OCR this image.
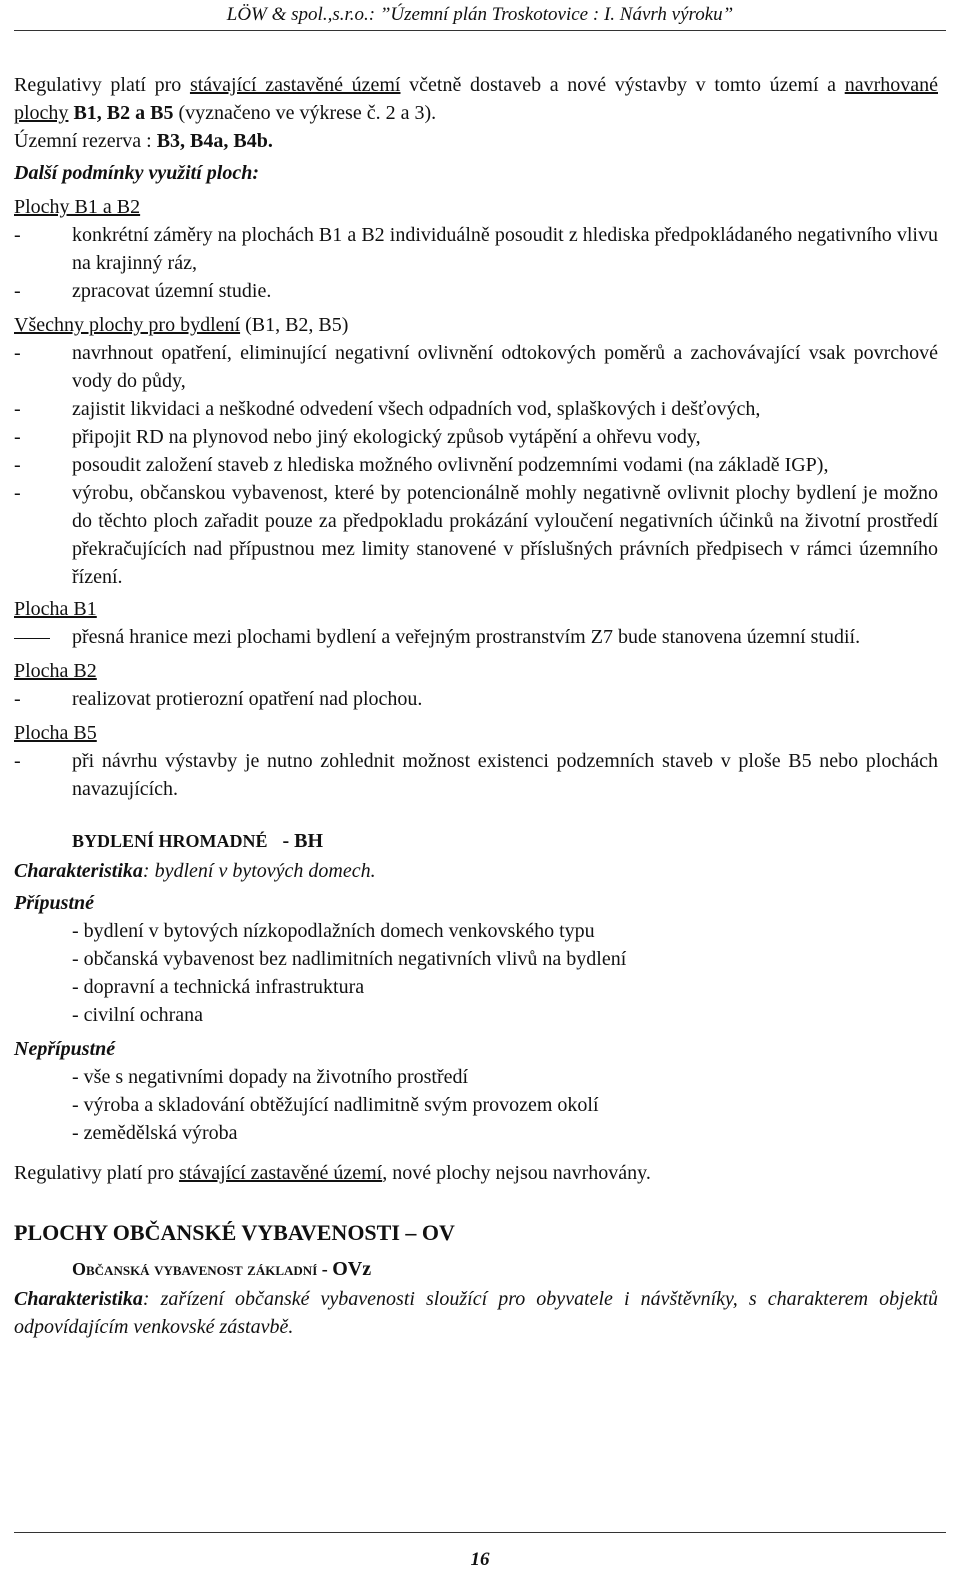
LÖW & spol.,s.r.o.: ”Územní plán Troskotovice : I. Návrh výroku”

Regulativy platí pro stávající zastavěné území včetně dostaveb a nové výstavby v tomto území a navrhované plochy B1, B2 a B5 (vyznačeno ve výkrese č. 2 a 3).

Územní rezerva : B3, B4a, B4b.

Další podmínky využití ploch:

Plochy B1 a B2

-	konkrétní záměry na plochách B1 a B2 individuálně posoudit z hlediska předpokládaného negativního vlivu na krajinný ráz,
-	zpracovat územní studie.

Všechny plochy pro bydlení (B1, B2, B5)

-	navrhnout opatření, eliminující negativní ovlivnění odtokových poměrů a zachovávající vsak povrchové vody do půdy,
-	zajistit likvidaci a neškodné odvedení všech odpadních vod, splaškových i dešťových,
-	připojit RD na plynovod nebo jiný ekologický způsob vytápění a ohřevu vody,
-	posoudit založení staveb z hlediska možného ovlivnění podzemními vodami (na základě IGP),
-	výrobu, občanskou vybavenost, které by potencionálně mohly negativně ovlivnit plochy bydlení je možno do těchto ploch zařadit pouze za předpokladu prokázání vyloučení negativních účinků na životní prostředí překračujících nad přípustnou mez limity stanovené v příslušných právních předpisech v rámci územního řízení.

Plocha B1

přesná hranice mezi plochami bydlení a veřejným prostranstvím Z7 bude stanovena územní studií.

Plocha B2

-	realizovat protierozní opatření nad plochou.

Plocha B5

-	při návrhu výstavby je nutno zohlednit možnost existenci podzemních staveb v ploše B5 nebo plochách navazujících.

BYDLENÍ HROMADNÉ - BH

Charakteristika: bydlení v bytových domech.

Přípustné

- bydlení v bytových nízkopodlažních domech venkovského typu

- občanská vybavenost bez nadlimitních negativních vlivů na bydlení

- dopravní a technická infrastruktura

- civilní ochrana

Nepřípustné

- vše s negativními dopady na životního prostředí

- výroba a skladování obtěžující nadlimitně svým provozem okolí

- zemědělská výroba

Regulativy platí pro stávající zastavěné území, nové plochy nejsou navrhovány.

PLOCHY OBČANSKÉ VYBAVENOSTI – OV

Občanská vybavenost základní - OVz

Charakteristika: zařízení občanské vybavenosti sloužící pro obyvatele i návštěvníky, s charakterem objektů odpovídajícím venkovské zástavbě.

16
